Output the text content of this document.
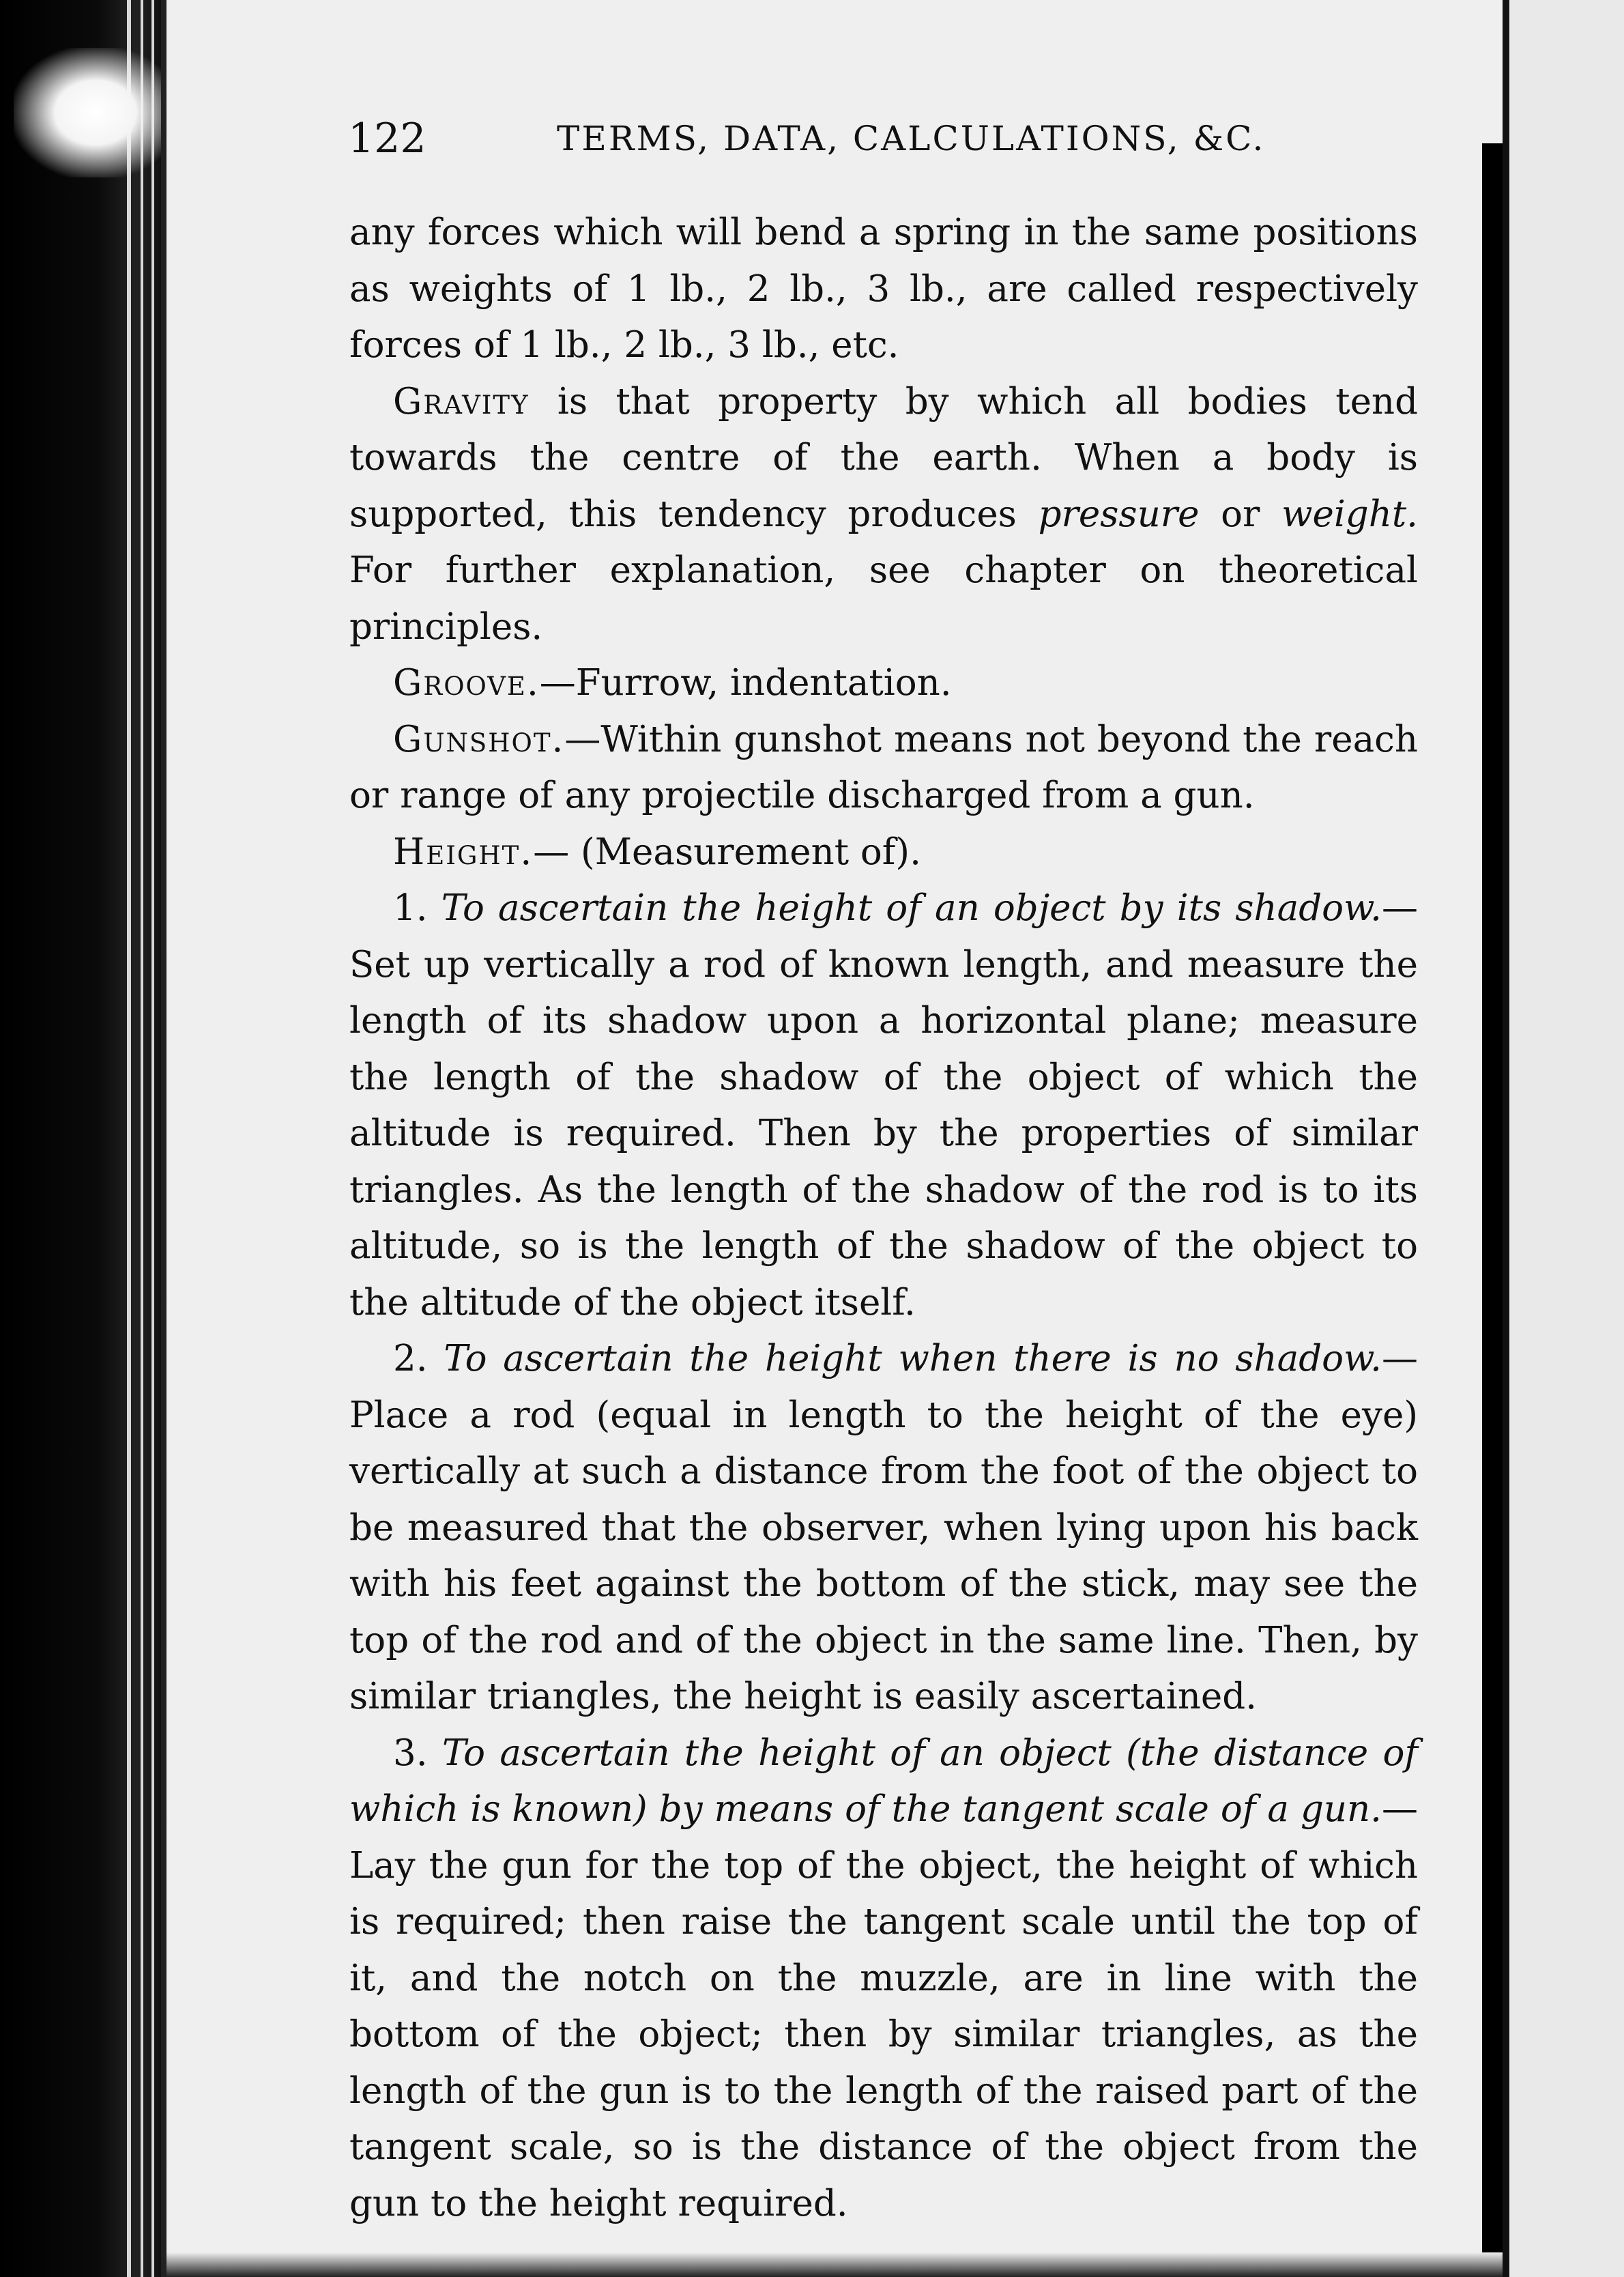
122	TERMS, DATA, CALCULATIONS, &C.

any forces which will bend a spring in the same positions as weights of 1 lb., 2 lb., 3 lb., are called respectively forces of 1 lb., 2 lb., 3 lb., etc.

Gravity is that property by which all bodies tend towards the centre of the earth. When a body is supported, this tendency produces pressure or weight. For further explanation, see chapter on theoretical principles.

Groove.—Furrow, indentation.

Gunshot.—Within gunshot means not beyond the reach or range of any projectile discharged from a gun.

Height.— (Measurement of).

1. To ascertain the height of an object by its shadow.—Set up vertically a rod of known length, and measure the length of its shadow upon a horizontal plane; measure the length of the shadow of the object of which the altitude is required. Then by the properties of similar triangles. As the length of the shadow of the rod is to its altitude, so is the length of the shadow of the object to the altitude of the object itself.

2. To ascertain the height when there is no shadow.—Place a rod (equal in length to the height of the eye) vertically at such a distance from the foot of the object to be measured that the observer, when lying upon his back with his feet against the bottom of the stick, may see the top of the rod and of the object in the same line. Then, by similar triangles, the height is easily ascertained.

3. To ascertain the height of an object (the distance of which is known) by means of the tangent scale of a gun.—Lay the gun for the top of the object, the height of which is required; then raise the tangent scale until the top of it, and the notch on the muzzle, are in line with the bottom of the object; then by similar triangles, as the length of the gun is to the length of the raised part of the tangent scale, so is the distance of the object from the gun to the height required.
